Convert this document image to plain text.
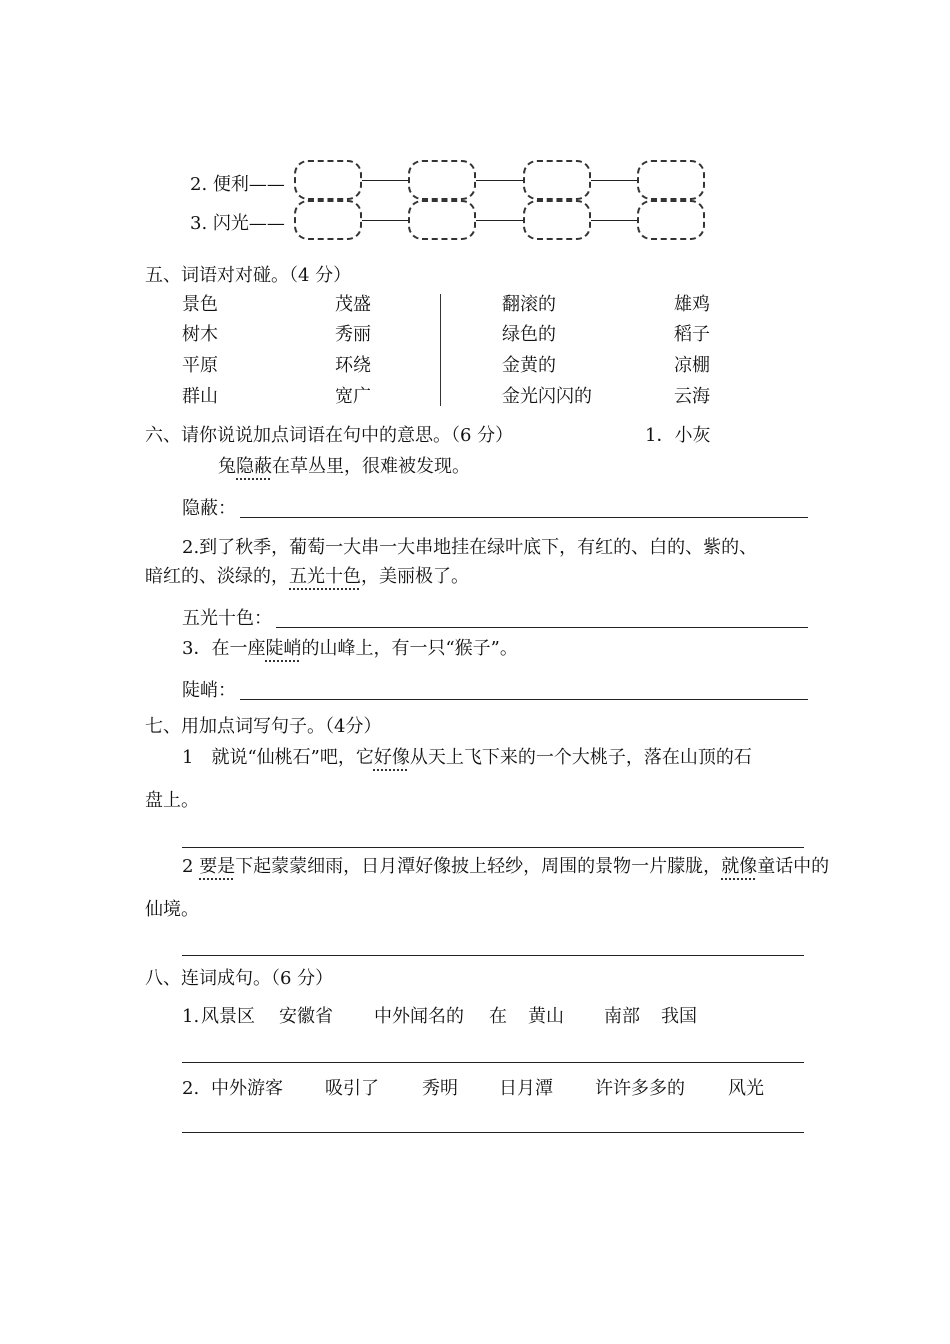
2. 便利——
3. 闪光——
五、词语对对碰。（4 分）
景色
树木
平原
群山
茂盛
秀丽
环绕
宽广
翻滚的
绿色的
金黄的
金光闪闪的
雄鸡
稻子
凉棚
云海
六、请你说说加点词语在句中的意思。（6 分）	1．小灰
兔隐蔽在草丛里，很难被发现。
隐蔽：
2.到了秋季，葡萄一大串一大串地挂在绿叶底下，有红的、白的、紫的、
暗红的、淡绿的，五光十色，美丽极了。
五光十色：
3．在一座陡峭的山峰上，有一只“猴子”。
陡峭：
七、用加点词写句子。（4分）
1　就说“仙桃石”吧，它好像从天上飞下来的一个大桃子，落在山顶的石
盘上。
2 要是下起蒙蒙细雨，日月潭好像披上轻纱，周围的景物一片朦胧，就像童话中的
仙境。
八、连词成句。（6 分）
1. 风景区 安徽省 中外闻名的 在 黄山 南部 我国
2. 中外游客 吸引了 秀明 日月潭 许许多多的 风光
